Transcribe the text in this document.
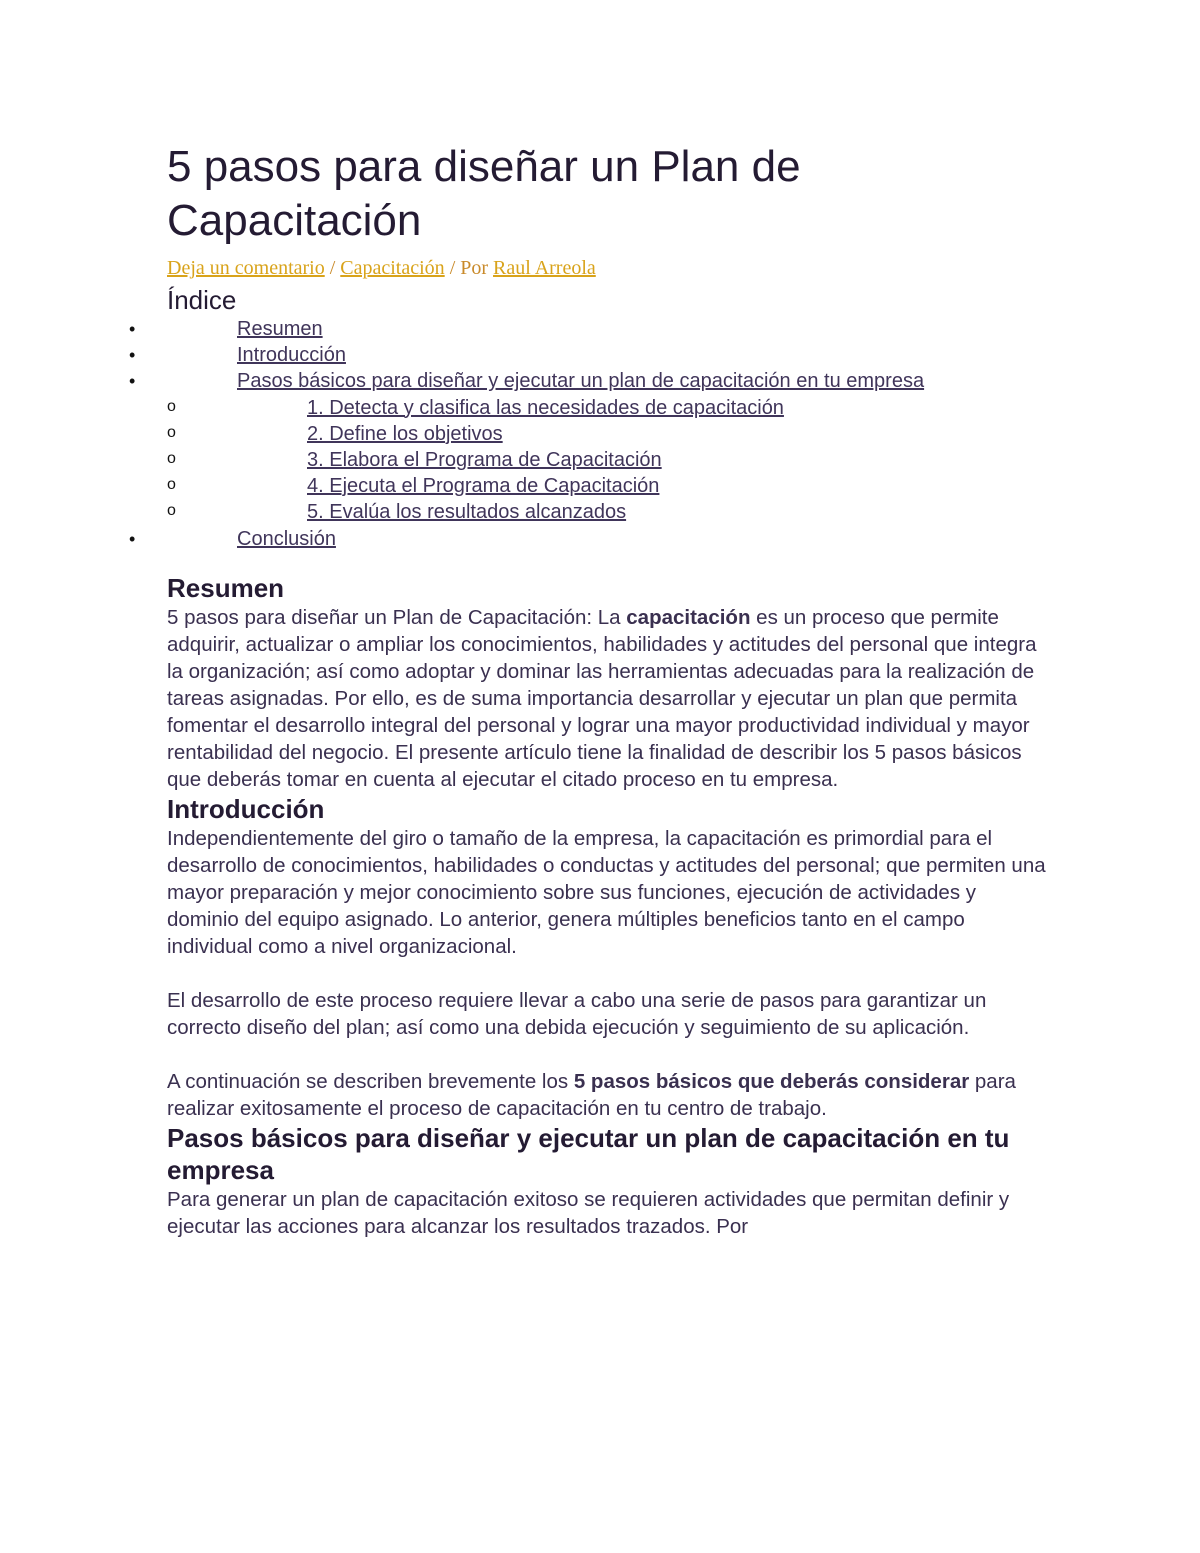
5 pasos para diseñar un Plan de Capacitación
Deja un comentario / Capacitación / Por Raul Arreola
Índice
•	Resumen
•	Introducción
•	Pasos básicos para diseñar y ejecutar un plan de capacitación en tu empresa
o	1. Detecta y clasifica las necesidades de capacitación
o	2. Define los objetivos
o	3. Elabora el Programa de Capacitación
o	4. Ejecuta el Programa de Capacitación
o	5. Evalúa los resultados alcanzados
•	Conclusión
Resumen

5 pasos para diseñar un Plan de Capacitación: La capacitación es un proceso que permite adquirir, actualizar o ampliar los conocimientos, habilidades y actitudes del personal que integra la organización; así como adoptar y dominar las herramientas adecuadas para la realización de tareas asignadas. Por ello, es de suma importancia desarrollar y ejecutar un plan que permita fomentar el desarrollo integral del personal y lograr una mayor productividad individual y mayor rentabilidad del negocio. El presente artículo tiene la finalidad de describir los 5 pasos básicos que deberás tomar en cuenta al ejecutar el citado proceso en tu empresa.

Introducción

Independientemente del giro o tamaño de la empresa, la capacitación es primordial para el desarrollo de conocimientos, habilidades o conductas y actitudes del personal; que permiten una mayor preparación y mejor conocimiento sobre sus funciones, ejecución de actividades y dominio del equipo asignado. Lo anterior, genera múltiples beneficios tanto en el campo individual como a nivel organizacional.

El desarrollo de este proceso requiere llevar a cabo una serie de pasos para garantizar un correcto diseño del plan; así como una debida ejecución y seguimiento de su aplicación.

A continuación se describen brevemente los 5 pasos básicos que deberás considerar para realizar exitosamente el proceso de capacitación en tu centro de trabajo.

Pasos básicos para diseñar y ejecutar un plan de capacitación en tu empresa

Para generar un plan de capacitación exitoso se requieren actividades que permitan definir y ejecutar las acciones para alcanzar los resultados trazados. Por
